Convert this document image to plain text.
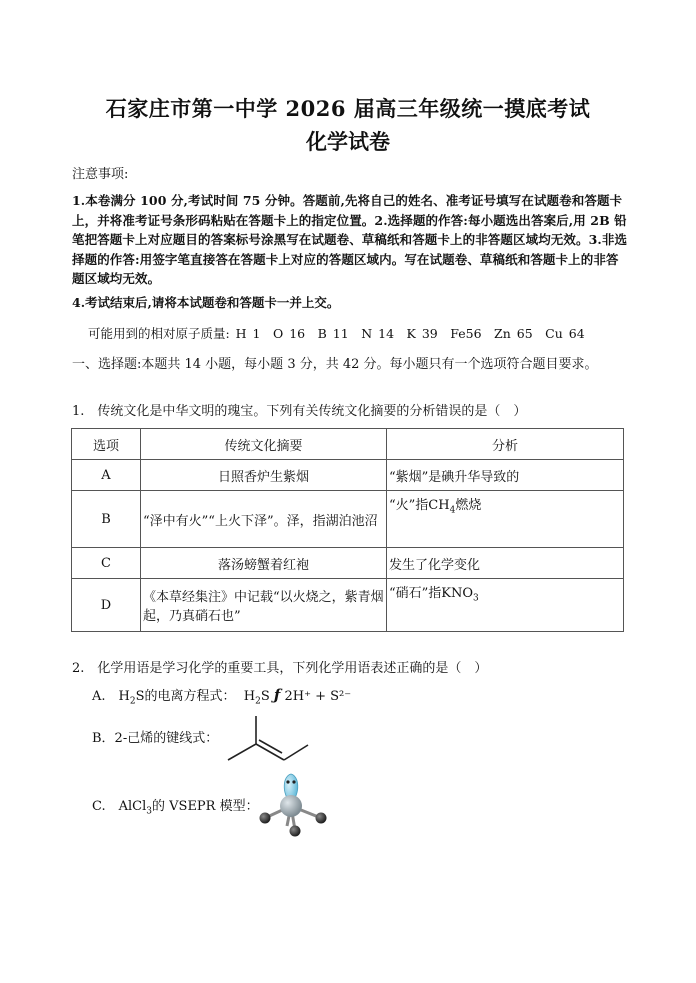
石家庄市第一中学 2026 届高三年级统一摸底考试
化学试卷
注意事项:
1.本卷满分 100 分,考试时间 75 分钟。答题前,先将自己的姓名、准考证号填写在试题卷和答题卡上，并将准考证号条形码粘贴在答题卡上的指定位置。2.选择题的作答:每小题选出答案后,用 2B 铅笔把答题卡上对应题目的答案标号涂黑写在试题卷、草稿纸和答题卡上的非答题区域均无效。3.非选择题的作答:用签字笔直接答在答题卡上对应的答题区域内。写在试题卷、草稿纸和答题卡上的非答题区域均无效。
4.考试结束后,请将本试题卷和答题卡一并上交。
可能用到的相对原子质量: H 1　O 16　B 11　N 14　K 39　Fe56　Zn 65　Cu 64
一、选择题:本题共 14 小题，每小题 3 分，共 42 分。每小题只有一个选项符合题目要求。
1.　传统文化是中华文明的瑰宝。下列有关传统文化摘要的分析错误的是（　）
选项	传统文化摘要	分析
A	日照香炉生紫烟	“紫烟”是碘升华导致的
B	“泽中有火”“上火下泽”。泽，指湖泊池沼	“火”指$CH_4$燃烧
C	落汤螃蟹着红袍	发生了化学变化
D	《本草经集注》中记载“以火烧之，紫青烟起，乃真硝石也”	“硝石”指$KNO_3$
2.　化学用语是学习化学的重要工具，下列化学用语表述正确的是（　）
A.　$H_2S$的电离方程式： $H_2S$ ƒ 2H⁺ + S²⁻
B．2-己烯的键线式：
C.　AlCl$_3$的 VSEPR 模型：
